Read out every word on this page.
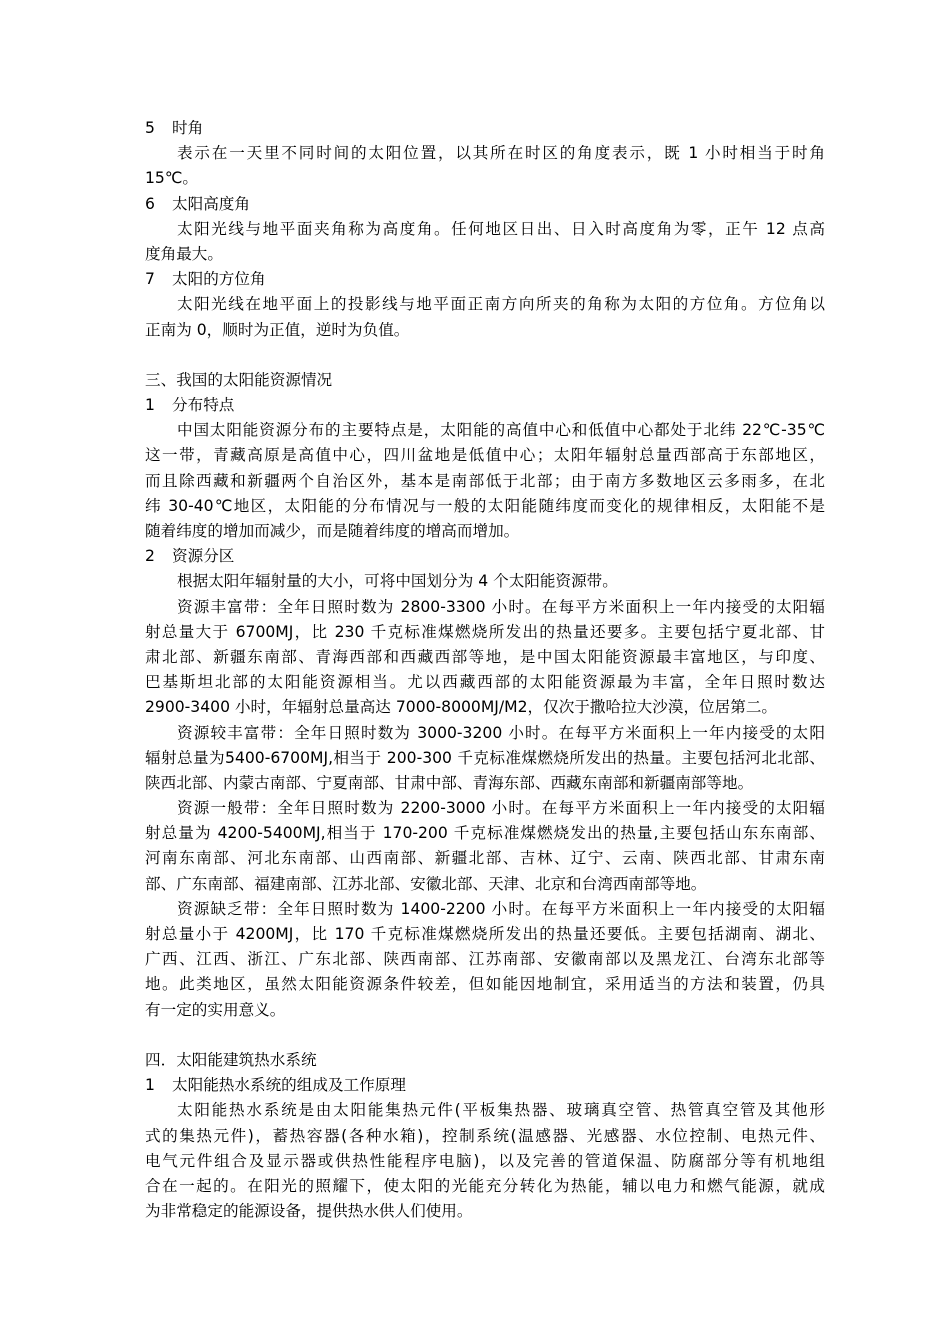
5 时角
表示在一天里不同时间的太阳位置，以其所在时区的角度表示，既 1 小时相当于时角
15℃。
6 太阳高度角
太阳光线与地平面夹角称为高度角。任何地区日出、日入时高度角为零，正午 12 点高
度角最大。
7 太阳的方位角
太阳光线在地平面上的投影线与地平面正南方向所夹的角称为太阳的方位角。方位角以
正南为 0，顺时为正值，逆时为负值。
三、我国的太阳能资源情况
1 分布特点
中国太阳能资源分布的主要特点是，太阳能的高值中心和低值中心都处于北纬 22℃-35℃
这一带，青藏高原是高值中心，四川盆地是低值中心；太阳年辐射总量西部高于东部地区，
而且除西藏和新疆两个自治区外，基本是南部低于北部；由于南方多数地区云多雨多，在北
纬 30-40℃地区，太阳能的分布情况与一般的太阳能随纬度而变化的规律相反，太阳能不是
随着纬度的增加而减少，而是随着纬度的增高而增加。
2 资源分区
根据太阳年辐射量的大小，可将中国划分为 4 个太阳能资源带。
资源丰富带：全年日照时数为 2800-3300 小时。在每平方米面积上一年内接受的太阳辐
射总量大于 6700MJ，比 230 千克标准煤燃烧所发出的热量还要多。主要包括宁夏北部、甘
肃北部、新疆东南部、青海西部和西藏西部等地，是中国太阳能资源最丰富地区，与印度、
巴基斯坦北部的太阳能资源相当。尤以西藏西部的太阳能资源最为丰富，全年日照时数达
2900-3400 小时，年辐射总量高达 7000-8000MJ/M2，仅次于撒哈拉大沙漠，位居第二。
资源较丰富带：全年日照时数为 3000-3200 小时。在每平方米面积上一年内接受的太阳
辐射总量为5400-6700MJ,相当于 200-300 千克标准煤燃烧所发出的热量。主要包括河北北部、
陕西北部、内蒙古南部、宁夏南部、甘肃中部、青海东部、西藏东南部和新疆南部等地。
资源一般带：全年日照时数为 2200-3000 小时。在每平方米面积上一年内接受的太阳辐
射总量为 4200-5400MJ,相当于 170-200 千克标准煤燃烧发出的热量,主要包括山东东南部、
河南东南部、河北东南部、山西南部、新疆北部、吉林、辽宁、云南、陕西北部、甘肃东南
部、广东南部、福建南部、江苏北部、安徽北部、天津、北京和台湾西南部等地。
资源缺乏带：全年日照时数为 1400-2200 小时。在每平方米面积上一年内接受的太阳辐
射总量小于 4200MJ，比 170 千克标准煤燃烧所发出的热量还要低。主要包括湖南、湖北、
广西、江西、浙江、广东北部、陕西南部、江苏南部、安徽南部以及黑龙江、台湾东北部等
地。此类地区，虽然太阳能资源条件较差，但如能因地制宜，采用适当的方法和装置，仍具
有一定的实用意义。
四．太阳能建筑热水系统
1 太阳能热水系统的组成及工作原理
太阳能热水系统是由太阳能集热元件(平板集热器、玻璃真空管、热管真空管及其他形
式的集热元件)，蓄热容器(各种水箱)，控制系统(温感器、光感器、水位控制、电热元件、
电气元件组合及显示器或供热性能程序电脑)，以及完善的管道保温、防腐部分等有机地组
合在一起的。在阳光的照耀下，使太阳的光能充分转化为热能，辅以电力和燃气能源，就成
为非常稳定的能源设备，提供热水供人们使用。
